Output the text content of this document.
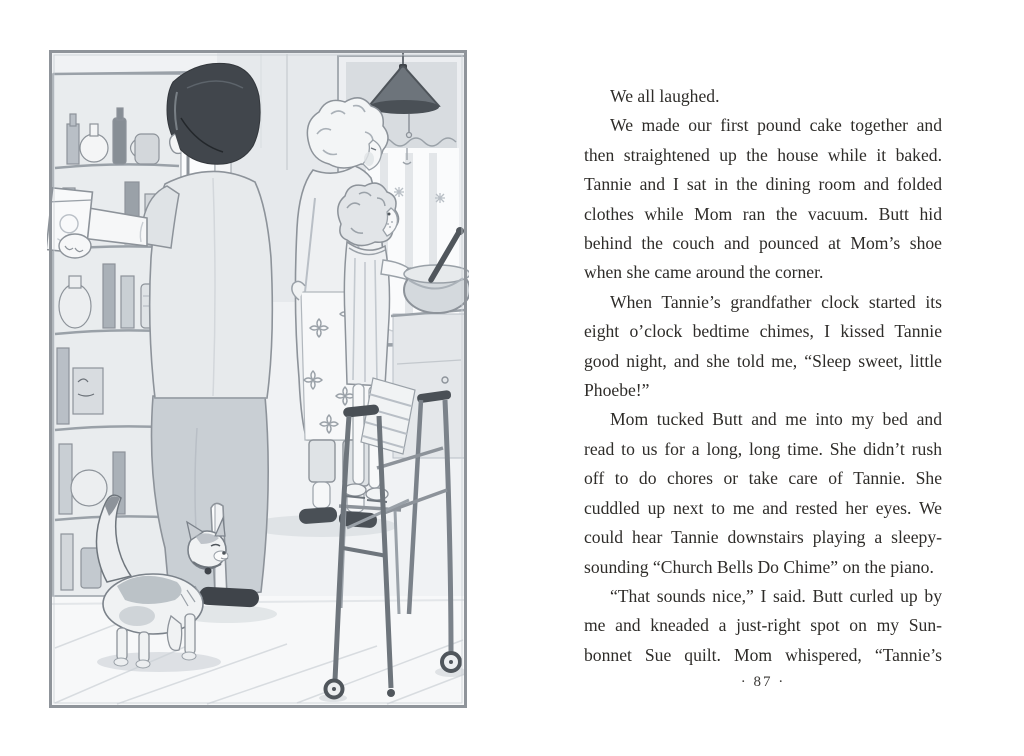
We all laughed.
We made our first pound cake together and
then straightened up the house while it baked.
Tannie and I sat in the dining room and folded
clothes while Mom ran the vacuum. Butt hid
behind the couch and pounced at Mom’s shoe
when she came around the corner.
When Tannie’s grandfather clock started its
eight o’clock bedtime chimes, I kissed Tannie
good night, and she told me, “Sleep sweet, little
Phoebe!”
Mom tucked Butt and me into my bed and
read to us for a long, long time. She didn’t rush
off to do chores or take care of Tannie. She
cuddled up next to me and rested her eyes. We
could hear Tannie downstairs playing a sleepy-
sounding “Church Bells Do Chime” on the piano.
“That sounds nice,” I said. Butt curled up by
me and kneaded a just-right spot on my Sun-
bonnet Sue quilt. Mom whispered, “Tannie’s
· 87 ·
